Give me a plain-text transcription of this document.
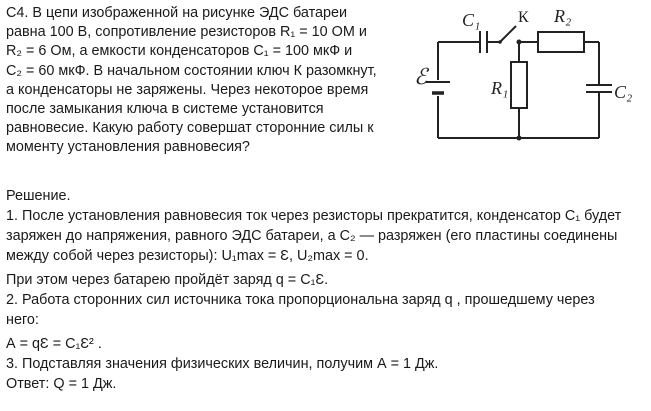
С4. В цепи изображенной на рисунке ЭДС батареи

равна 100 В, сопротивление резисторов R₁ = 10 ОМ и

R₂ = 6 Ом, а емкости конденсаторов С₁ = 100 мкФ и

С₂ = 60 мкФ. В начальном состоянии ключ К разомкнут,

а конденсаторы не заряжены. Через некоторое время

после замыкания ключа в системе установится

равновесие. Какую работу совершат сторонние силы к

моменту установления равновесия?

C₁ К R₂
ℰ	R₁	C₂

Решение.

1. После установления равновесия ток через резисторы прекратится, конденсатор С₁ будет

заряжен до напряжения, равного ЭДС батареи, а С₂ — разряжен (его пластины соединены

между собой через резисторы): U₁max = Ɛ, U₂max = 0.

При этом через батарею пройдёт заряд q = C₁Ɛ.

2. Работа сторонних сил источника тока пропорциональна заряд q , прошедшему через

него:

А = qƐ = С₁Ɛ² .

3. Подставляя значения физических величин, получим А = 1 Дж.

Ответ: Q = 1 Дж.
